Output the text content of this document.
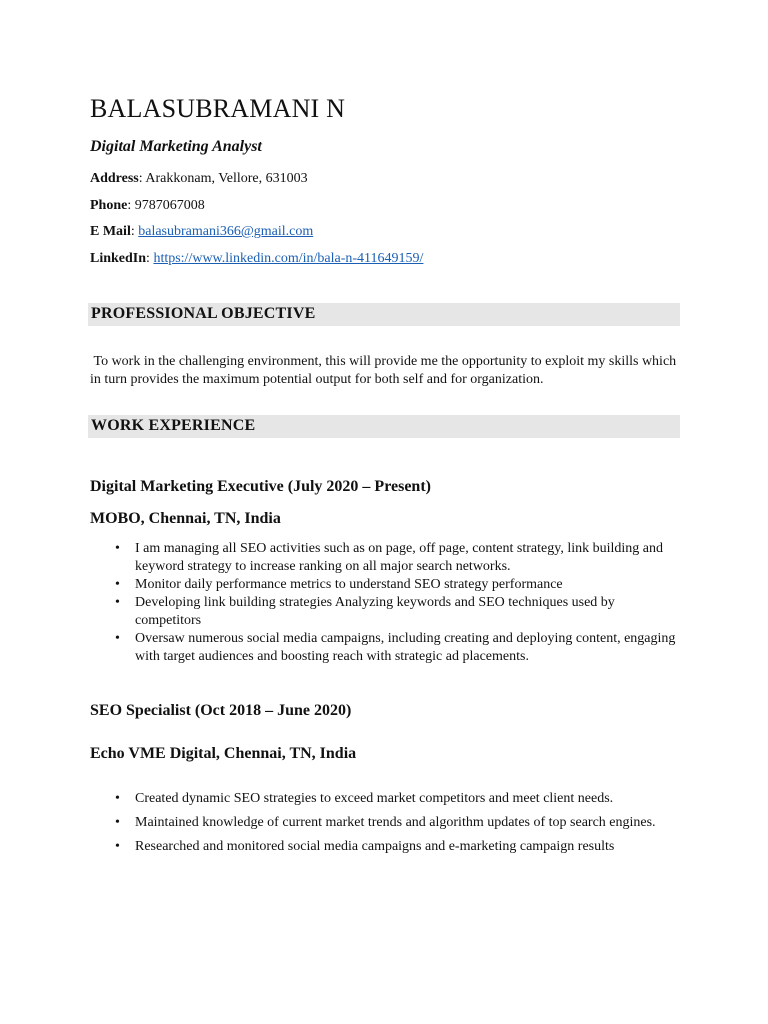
BALASUBRAMANI N
Digital Marketing Analyst
Address: Arakkonam, Vellore, 631003
Phone: 9787067008
E Mail: balasubramani366@gmail.com
LinkedIn: https://www.linkedin.com/in/bala-n-411649159/
PROFESSIONAL OBJECTIVE
To work in the challenging environment, this will provide me the opportunity to exploit my skills which in turn provides the maximum potential output for both self and for organization.
WORK EXPERIENCE
Digital Marketing Executive (July 2020 – Present)
MOBO, Chennai, TN, India
• I am managing all SEO activities such as on page, off page, content strategy, link building and keyword strategy to increase ranking on all major search networks.
• Monitor daily performance metrics to understand SEO strategy performance
• Developing link building strategies Analyzing keywords and SEO techniques used by competitors
• Oversaw numerous social media campaigns, including creating and deploying content, engaging with target audiences and boosting reach with strategic ad placements.
SEO Specialist (Oct 2018 – June 2020)
Echo VME Digital, Chennai, TN, India
• Created dynamic SEO strategies to exceed market competitors and meet client needs.
• Maintained knowledge of current market trends and algorithm updates of top search engines.
• Researched and monitored social media campaigns and e-marketing campaign results
